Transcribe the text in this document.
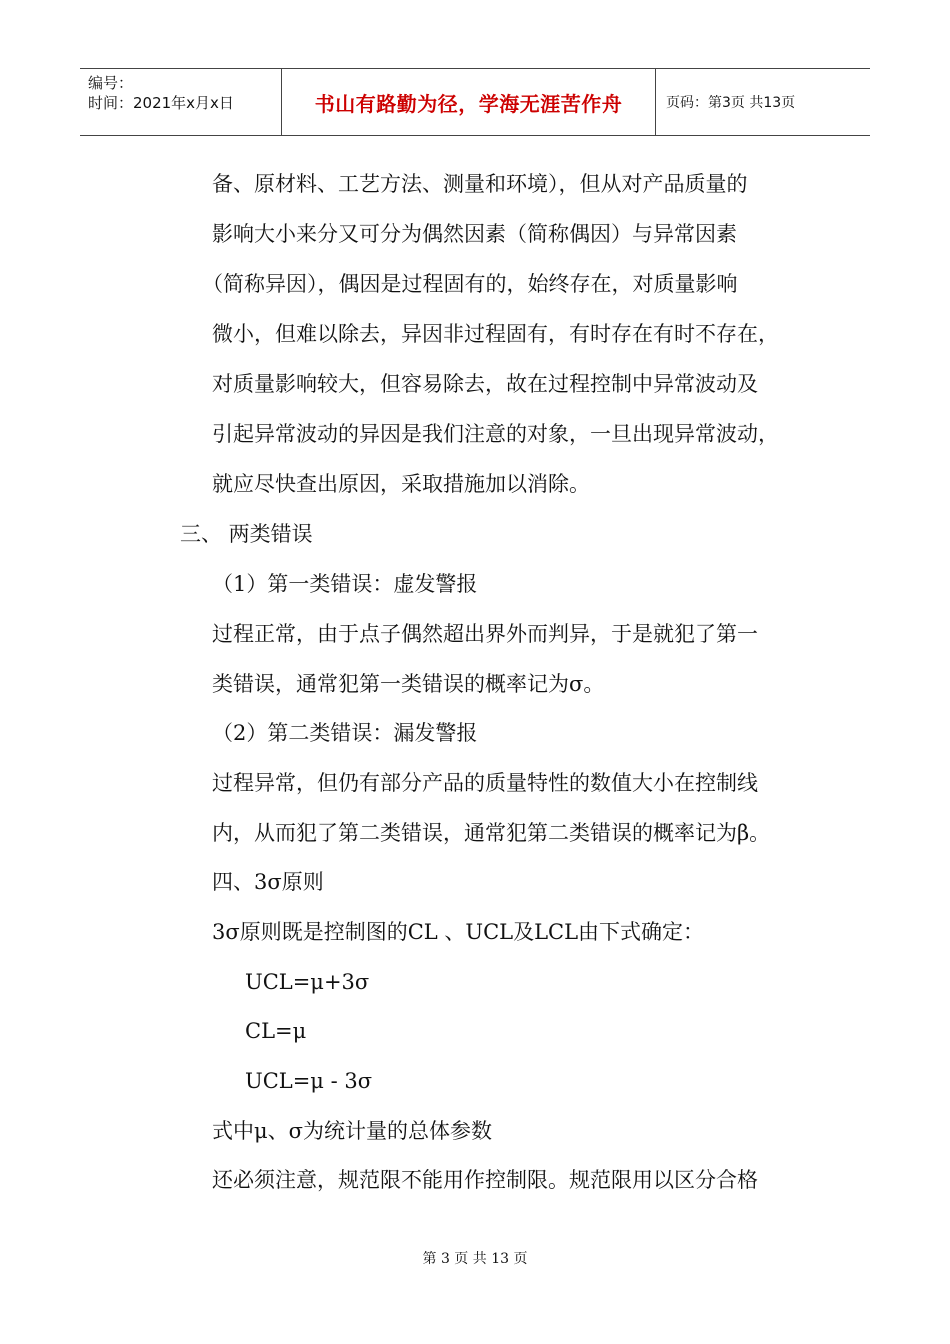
编号：
时间：2021年x月x日	书山有路勤为径，学海无涯苦作舟	页码：第3页 共13页
备、原材料、工艺方法、测量和环境），但从对产品质量的
影响大小来分又可分为偶然因素（简称偶因）与异常因素
（简称异因），偶因是过程固有的，始终存在，对质量影响
微小，但难以除去，异因非过程固有，有时存在有时不存在，
对质量影响较大，但容易除去，故在过程控制中异常波动及
引起异常波动的异因是我们注意的对象，一旦出现异常波动，
就应尽快查出原因，采取措施加以消除。
三、 两类错误
（1）第一类错误：虚发警报
过程正常，由于点子偶然超出界外而判异，于是就犯了第一
类错误，通常犯第一类错误的概率记为σ。
（2）第二类错误：漏发警报
过程异常，但仍有部分产品的质量特性的数值大小在控制线
内，从而犯了第二类错误，通常犯第二类错误的概率记为β。
四、3σ原则
3σ原则既是控制图的CL 、UCL及LCL由下式确定：
UCL=μ+3σ
CL=μ
UCL=μ - 3σ
式中μ、σ为统计量的总体参数
还必须注意，规范限不能用作控制限。规范限用以区分合格
第 3 页 共 13 页
